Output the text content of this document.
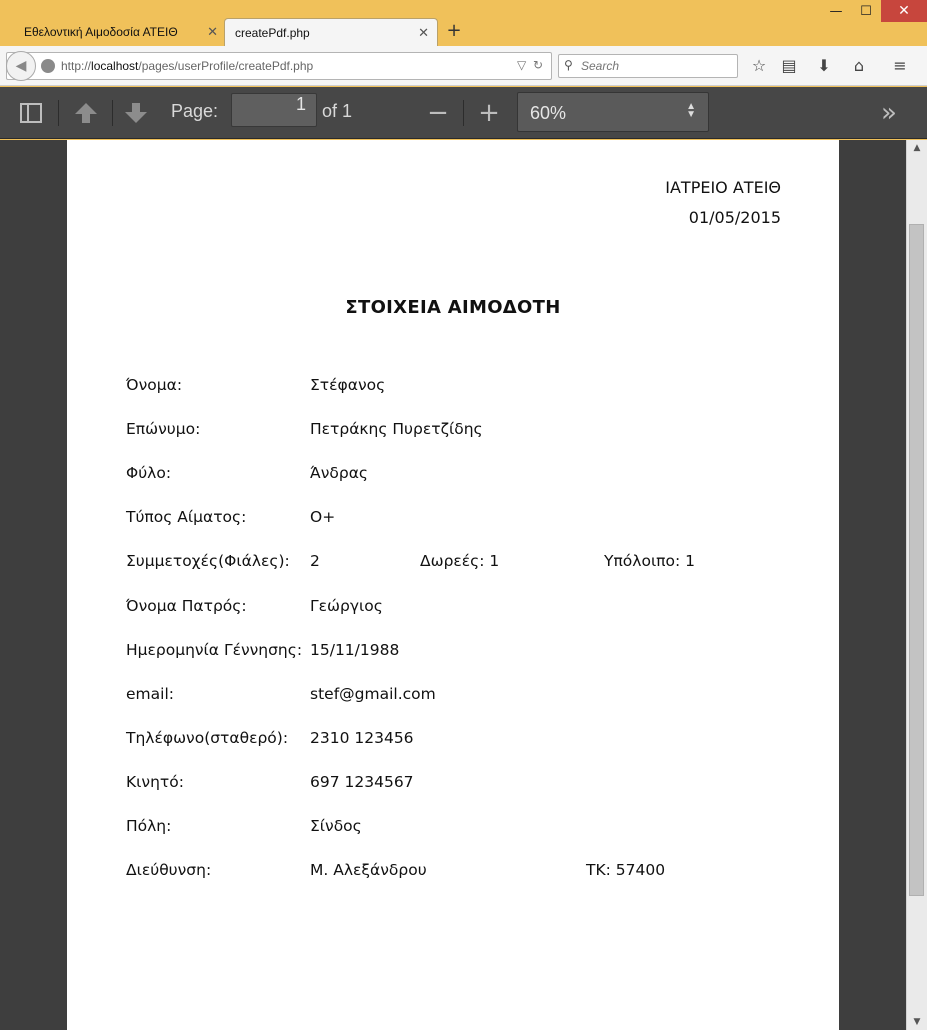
Εθελοντική Αιμοδοσία ΑΤΕΙΘ ✕ createPdf.php	✕ +
—	☐	✕
◀	http://localhost/pages/userProfile/createPdf.php	▽ ↻ ⚲
Search	☆ ▤ ⬇	⌂	≡
Page:	1 of 1	− +	60%	▲
▼	»
ΙΑΤΡΕΙΟ ΑΤΕΙΘ
01/05/2015
ΣΤΟΙΧΕΙΑ ΑΙΜΟΔΟΤΗ
Όνομα:	Στέφανος
Επώνυμο:	Πετράκης Πυρετζίδης
Φύλο:	Άνδρας
Τύπος Αίματος:	O+
Συμμετοχές(Φιάλες): 2	Δωρεές: 1	Υπόλοιπο: 1
Όνομα Πατρός:	Γεώργιος
Ημερομηνία Γέννησης: 15/11/1988
email:	stef@gmail.com
Τηλέφωνο(σταθερό): 2310 123456
Κινητό:	697 1234567
Πόλη:	Σίνδος
Διεύθυνση:	Μ. Αλεξάνδρου	ΤΚ: 57400
▲
▼
